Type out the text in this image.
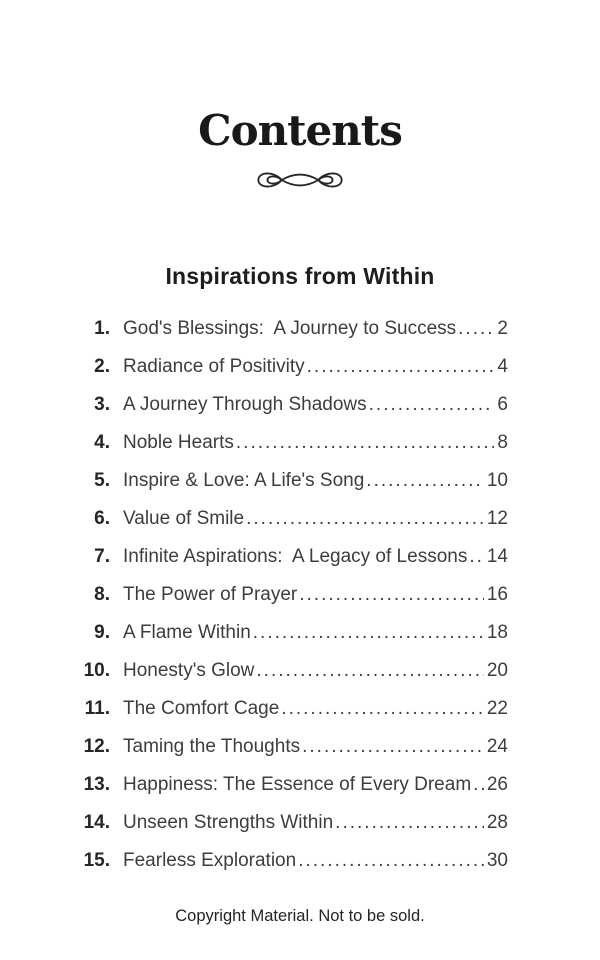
Contents
Inspirations from Within
1. God's Blessings:  A Journey to Success ..... 2
2. Radiance of Positivity .....	4
3. A Journey Through Shadows .....	6
4. Noble Hearts .....	8
5. Inspire & Love: A Life's Song .....	10
6. Value of Smile .....	12
7. Infinite Aspirations:  A Legacy of Lessons ..... 14
8. The Power of Prayer .....	16
9. A Flame Within .....	18
10. Honesty's Glow .....	20
11. The Comfort Cage .....	22
12. Taming the Thoughts .....	24
13. Happiness: The Essence of Every Dream ..... 26
14. Unseen Strengths Within .....	28
15. Fearless Exploration .....	30
Copyright Material. Not to be sold.
